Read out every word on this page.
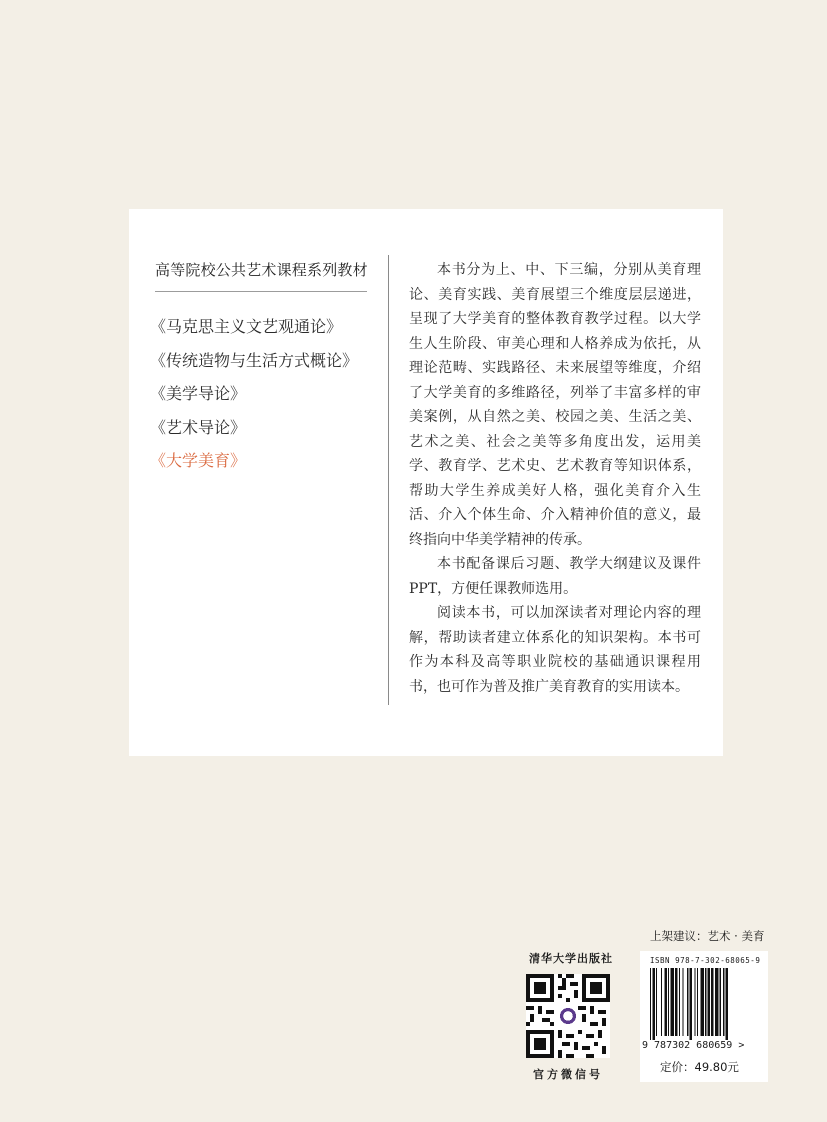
高等院校公共艺术课程系列教材
《马克思主义文艺观通论》
《传统造物与生活方式概论》
《美学导论》
《艺术导论》
《大学美育》

本书分为上、中、下三编，分别从美育理论、美育实践、美育展望三个维度层层递进，呈现了大学美育的整体教育教学过程。以大学生人生阶段、审美心理和人格养成为依托，从理论范畴、实践路径、未来展望等维度，介绍了大学美育的多维路径，列举了丰富多样的审美案例，从自然之美、校园之美、生活之美、艺术之美、社会之美等多角度出发，运用美学、教育学、艺术史、艺术教育等知识体系，帮助大学生养成美好人格，强化美育介入生活、介入个体生命、介入精神价值的意义，最终指向中华美学精神的传承。

本书配备课后习题、教学大纲建议及课件PPT，方便任课教师选用。

阅读本书，可以加深读者对理论内容的理解，帮助读者建立体系化的知识架构。本书可作为本科及高等职业院校的基础通识课程用书，也可作为普及推广美育教育的实用读本。

清华大学出版社
官方微信号
上架建议：艺术 · 美育
ISBN 978-7-302-68065-9
9 787302 680659 >
定价：49.80元
